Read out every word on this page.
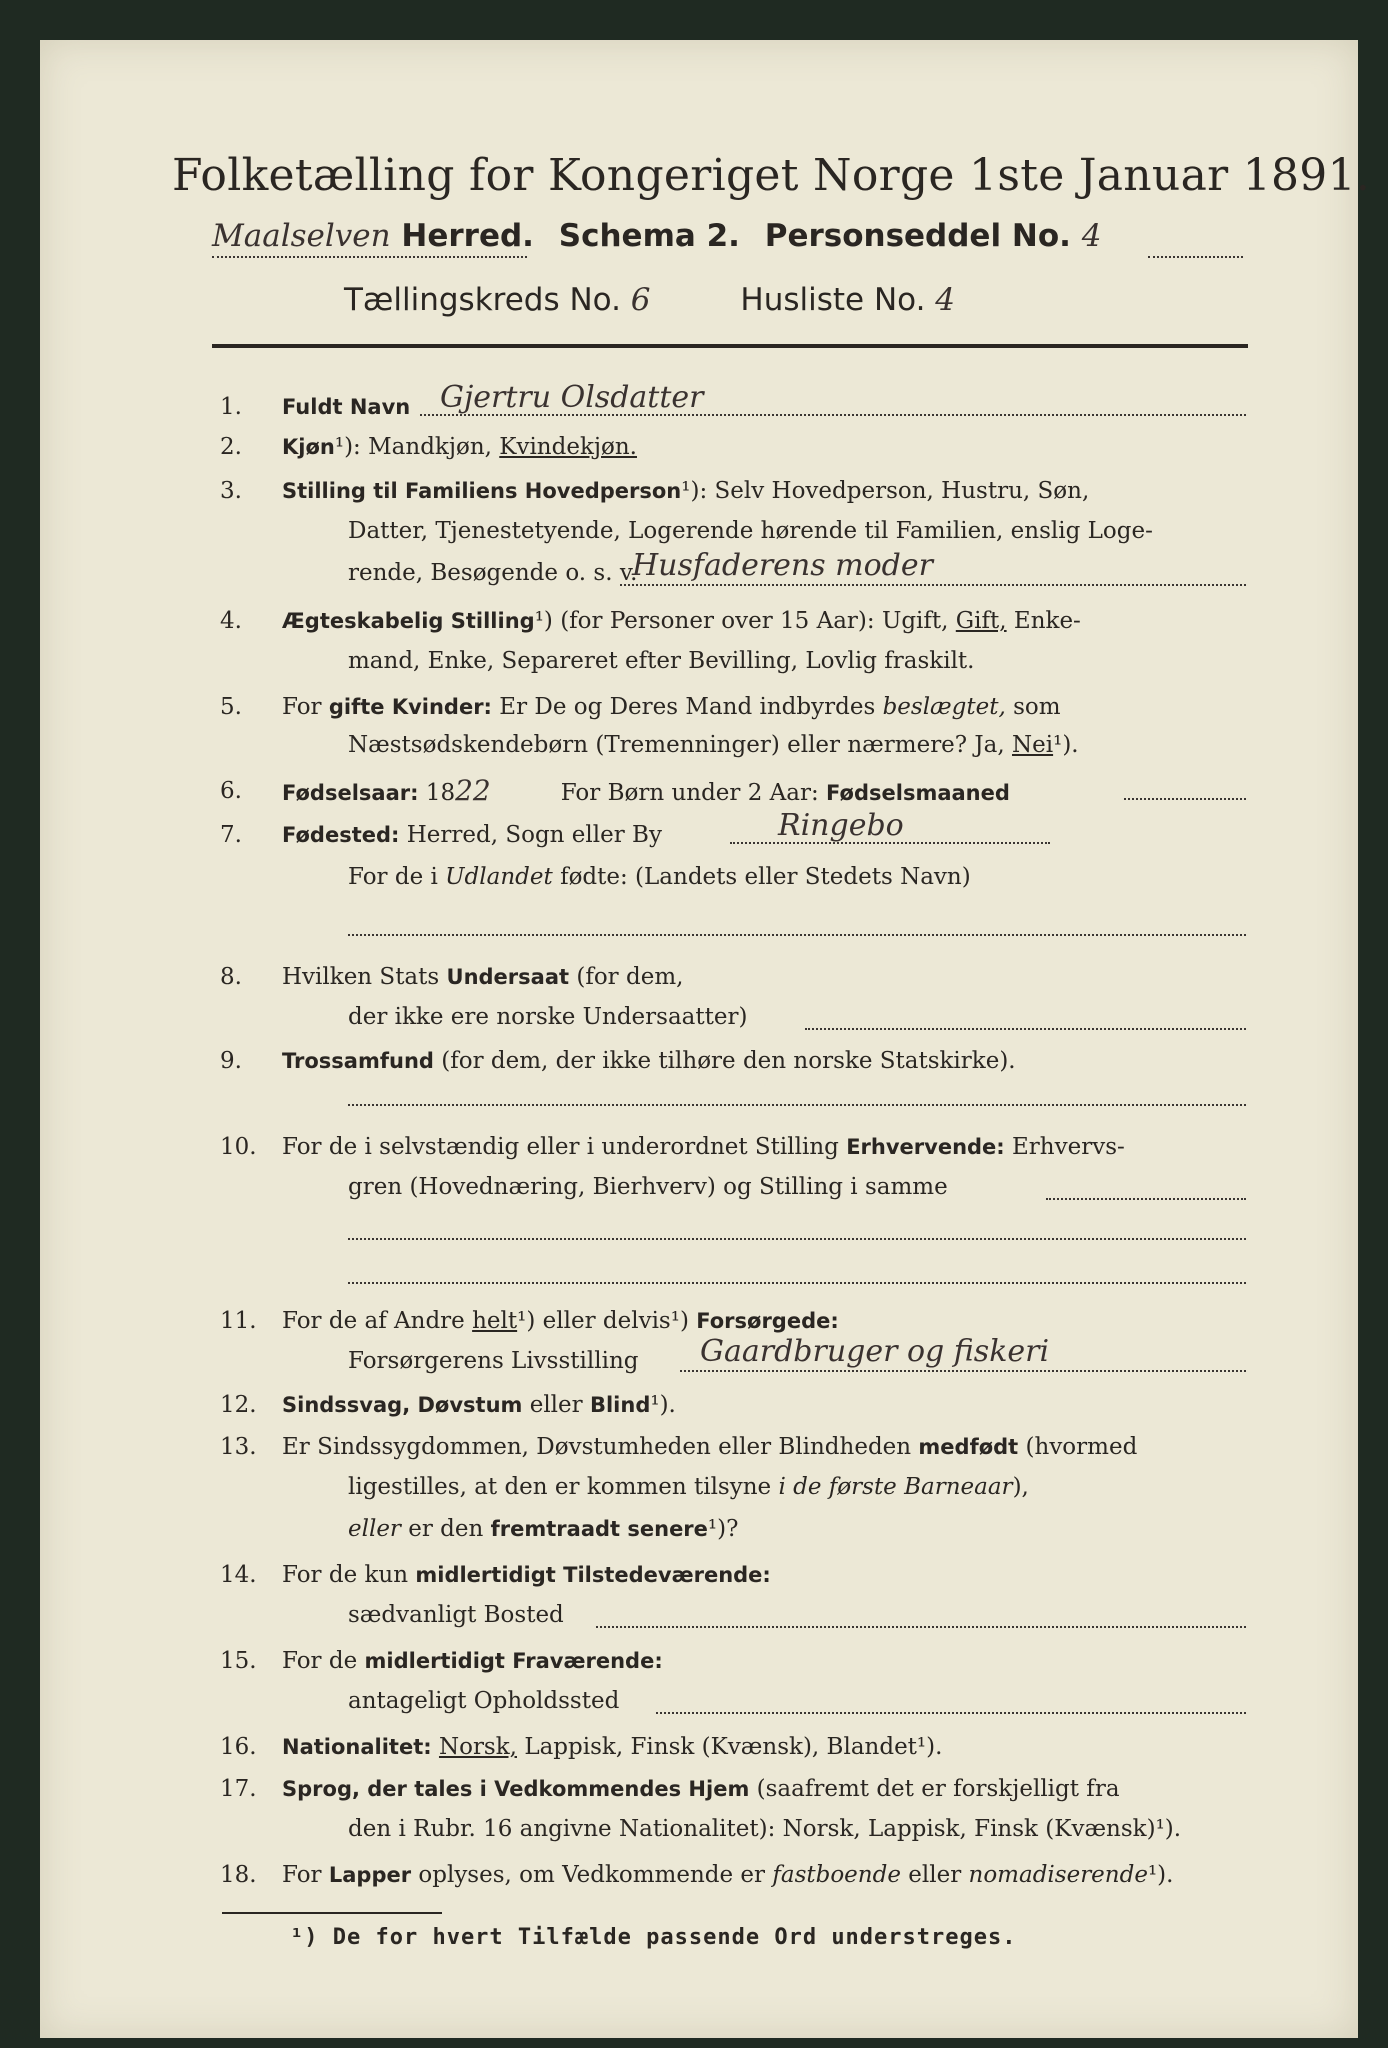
Folketælling for Kongeriget Norge 1ste Januar 1891.
Maalselven Herred. Schema 2. Personseddel No. 4
Tællingskreds No. 6	Husliste No. 4
1.	Fuldt Navn Gjertru Olsdatter
2.	Kjøn¹): Mandkjøn, Kvindekjøn.
3.	Stilling til Familiens Hovedperson¹): Selv Hovedperson, Hustru, Søn,
Datter, Tjenestetyende, Logerende hørende til Familien, enslig Loge-
rende, Besøgende o. s. v.
Husfaderens moder
4.	Ægteskabelig Stilling¹) (for Personer over 15 Aar): Ugift, Gift, Enke-
mand, Enke, Separeret efter Bevilling, Lovlig fraskilt.
5.	For gifte Kvinder: Er De og Deres Mand indbyrdes beslægtet, som
Næstsødskendebørn (Tremenninger) eller nærmere? Ja, Nei¹).
6.	Fødselsaar: 1822	For Børn under 2 Aar: Fødselsmaaned
7.	Fødested: Herred, Sogn eller By	Ringebo
For de i Udlandet fødte: (Landets eller Stedets Navn)
8.	Hvilken Stats Undersaat (for dem,
der ikke ere norske Undersaatter)
9.	Trossamfund (for dem, der ikke tilhøre den norske Statskirke).
10.	For de i selvstændig eller i underordnet Stilling Erhvervende: Erhvervs-
gren (Hovednæring, Bierhverv) og Stilling i samme
11.	For de af Andre helt¹) eller delvis¹) Forsørgede:
Forsørgerens Livsstilling Gaardbruger og fiskeri
12.	Sindssvag, Døvstum eller Blind¹).
13.	Er Sindssygdommen, Døvstumheden eller Blindheden medfødt (hvormed
ligestilles, at den er kommen tilsyne i de første Barneaar),
eller er den fremtraadt senere¹)?
14.	For de kun midlertidigt Tilstedeværende:
sædvanligt Bosted
15.	For de midlertidigt Fraværende:
antageligt Opholdssted
16.	Nationalitet: Norsk, Lappisk, Finsk (Kvænsk), Blandet¹).
17.	Sprog, der tales i Vedkommendes Hjem (saafremt det er forskjelligt fra
den i Rubr. 16 angivne Nationalitet): Norsk, Lappisk, Finsk (Kvænsk)¹).
18.	For Lapper oplyses, om Vedkommende er fastboende eller nomadiserende¹).
¹) De for hvert Tilfælde passende Ord understreges.
